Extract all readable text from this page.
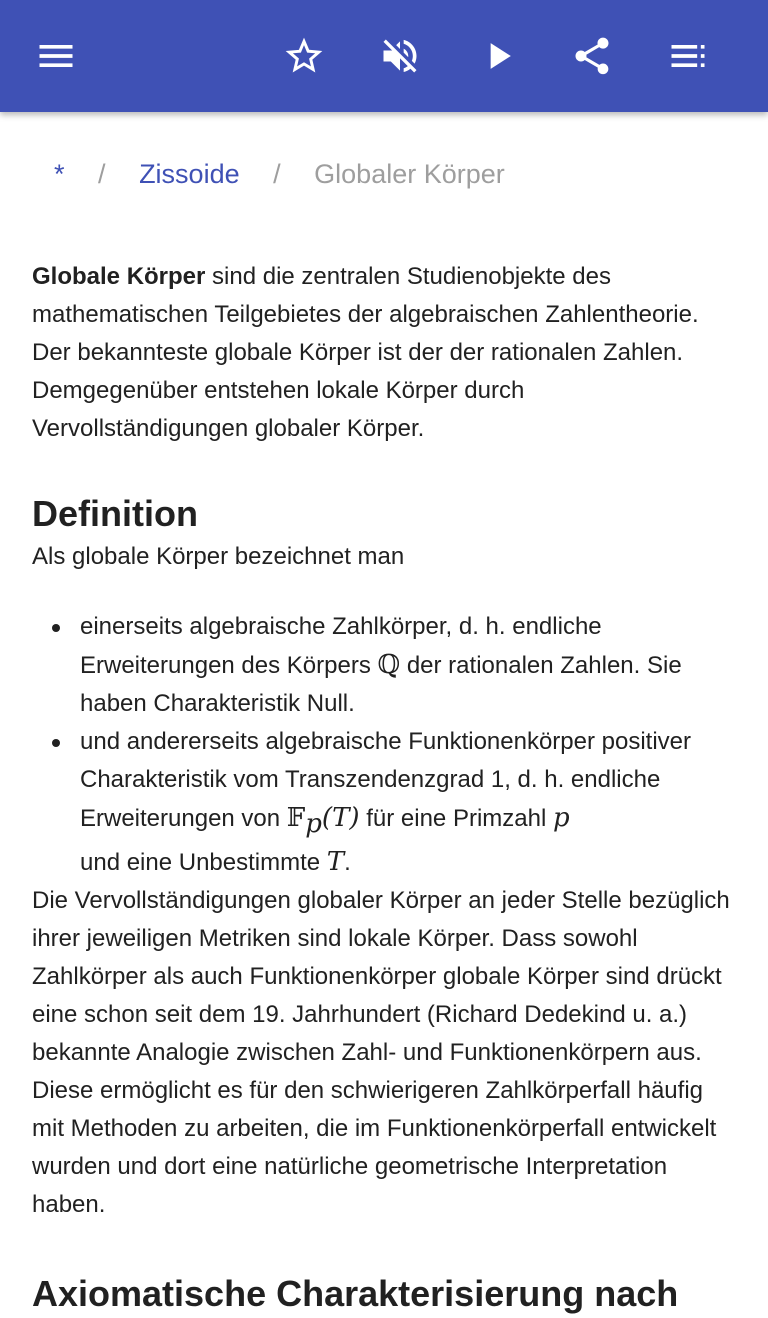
* / Zissoide / Globaler Körper

Globale Körper sind die zentralen Studienobjekte des mathematischen Teilgebietes der algebraischen Zahlentheorie. Der bekannteste globale Körper ist der der rationalen Zahlen. Demgegenüber entstehen lokale Körper durch Vervollständigungen globaler Körper.

Definition

Als globale Körper bezeichnet man

einerseits algebraische Zahlkörper, d. h. endliche Erweiterungen des Körpers ℚ der rationalen Zahlen. Sie haben Charakteristik Null.
und andererseits algebraische Funktionenkörper positiver Charakteristik vom Transzendenzgrad 1, d. h. endliche Erweiterungen von 𝔽$_p$(T) für eine Primzahl p
und eine Unbestimmte T.

Die Vervollständigungen globaler Körper an jeder Stelle bezüglich ihrer jeweiligen Metriken sind lokale Körper. Dass sowohl Zahlkörper als auch Funktionenkörper globale Körper sind drückt eine schon seit dem 19. Jahrhundert (Richard Dedekind u. a.) bekannte Analogie zwischen Zahl- und Funktionenkörpern aus. Diese ermöglicht es für den schwierigeren Zahlkörperfall häufig mit Methoden zu arbeiten, die im Funktionenkörperfall entwickelt wurden und dort eine natürliche geometrische Interpretation haben.

Axiomatische Charakterisierung nach
